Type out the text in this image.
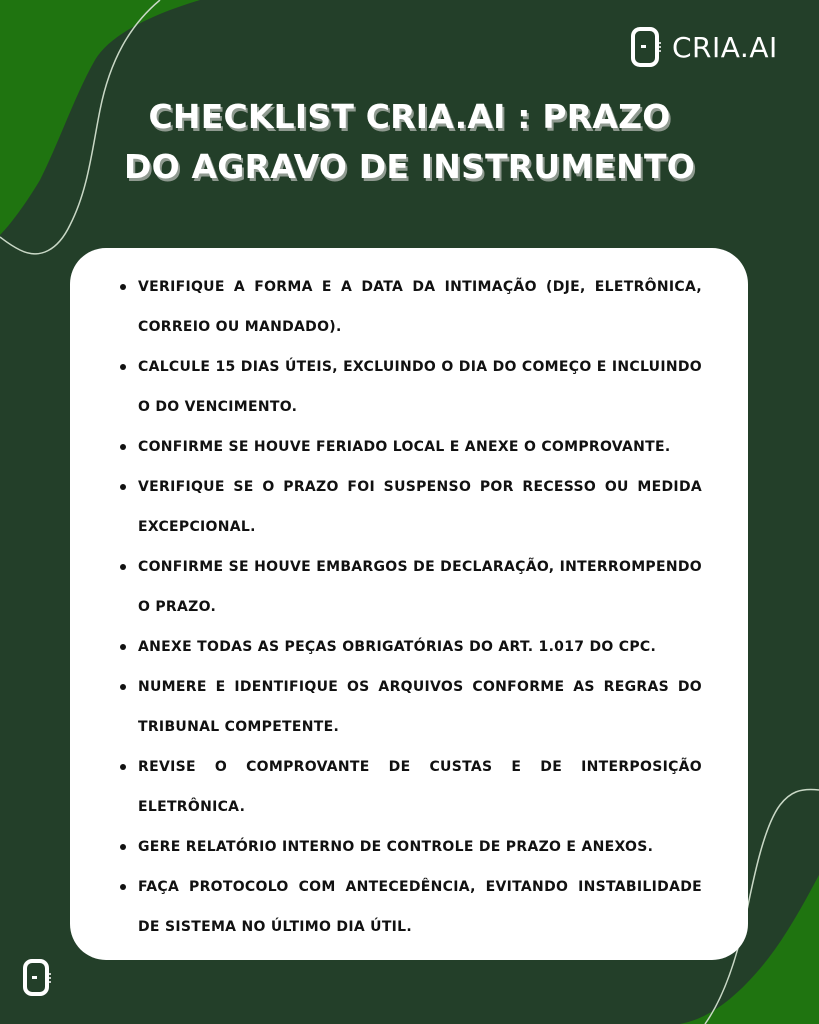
CRIA.AI
CHECKLIST CRIA.AI : PRAZO
DO AGRAVO DE INSTRUMENTO
VERIFIQUE A FORMA E A DATA DA INTIMAÇÃO (DJE, ELETRÔNICA, CORREIO OU MANDADO).
CALCULE 15 DIAS ÚTEIS, EXCLUINDO O DIA DO COMEÇO E INCLUINDO O DO VENCIMENTO.
CONFIRME SE HOUVE FERIADO LOCAL E ANEXE O COMPROVANTE.
VERIFIQUE SE O PRAZO FOI SUSPENSO POR RECESSO OU MEDIDA EXCEPCIONAL.
CONFIRME SE HOUVE EMBARGOS DE DECLARAÇÃO, INTERROMPENDO O PRAZO.
ANEXE TODAS AS PEÇAS OBRIGATÓRIAS DO ART. 1.017 DO CPC.
NUMERE E IDENTIFIQUE OS ARQUIVOS CONFORME AS REGRAS DO TRIBUNAL COMPETENTE.
REVISE O COMPROVANTE DE CUSTAS E DE INTERPOSIÇÃO ELETRÔNICA.
GERE RELATÓRIO INTERNO DE CONTROLE DE PRAZO E ANEXOS.
FAÇA PROTOCOLO COM ANTECEDÊNCIA, EVITANDO INSTABILIDADE DE SISTEMA NO ÚLTIMO DIA ÚTIL.
